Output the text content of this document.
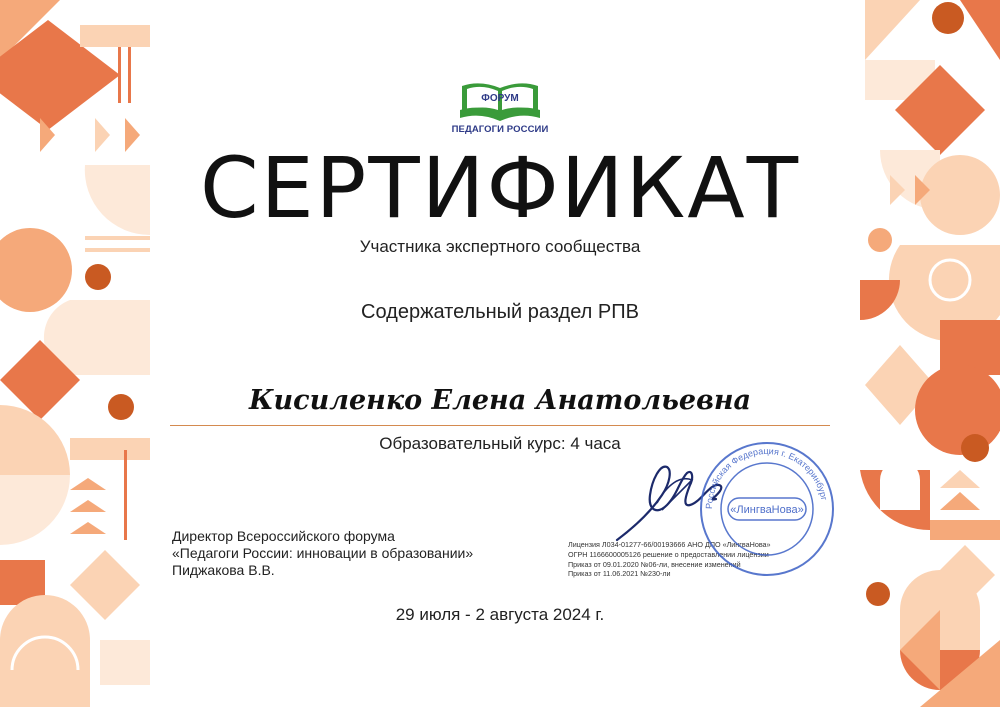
ФОРУМ
ПЕДАГОГИ РОССИИ
СЕРТИФИКАТ
Участника экспертного сообщества
Содержательный раздел РПВ
Кисиленко Елена Анатольевна
Образовательный курс: 4 часа
Директор Всероссийского форума
«Педагоги России: инновации в образовании»
Пиджакова В.В.
Лицензия Л034-01277-66/00193666 АНО ДПО «ЛингваНова»
ОГРН 1166600005126 решение о предоставлении лицензии
Приказ от 09.01.2020 №06-ли, внесение изменений
Приказ от 11.06.2021 №230-ли
Российская Федерация г. Екатеринбург
«ЛингваНова»
29 июля - 2 августа 2024 г.
